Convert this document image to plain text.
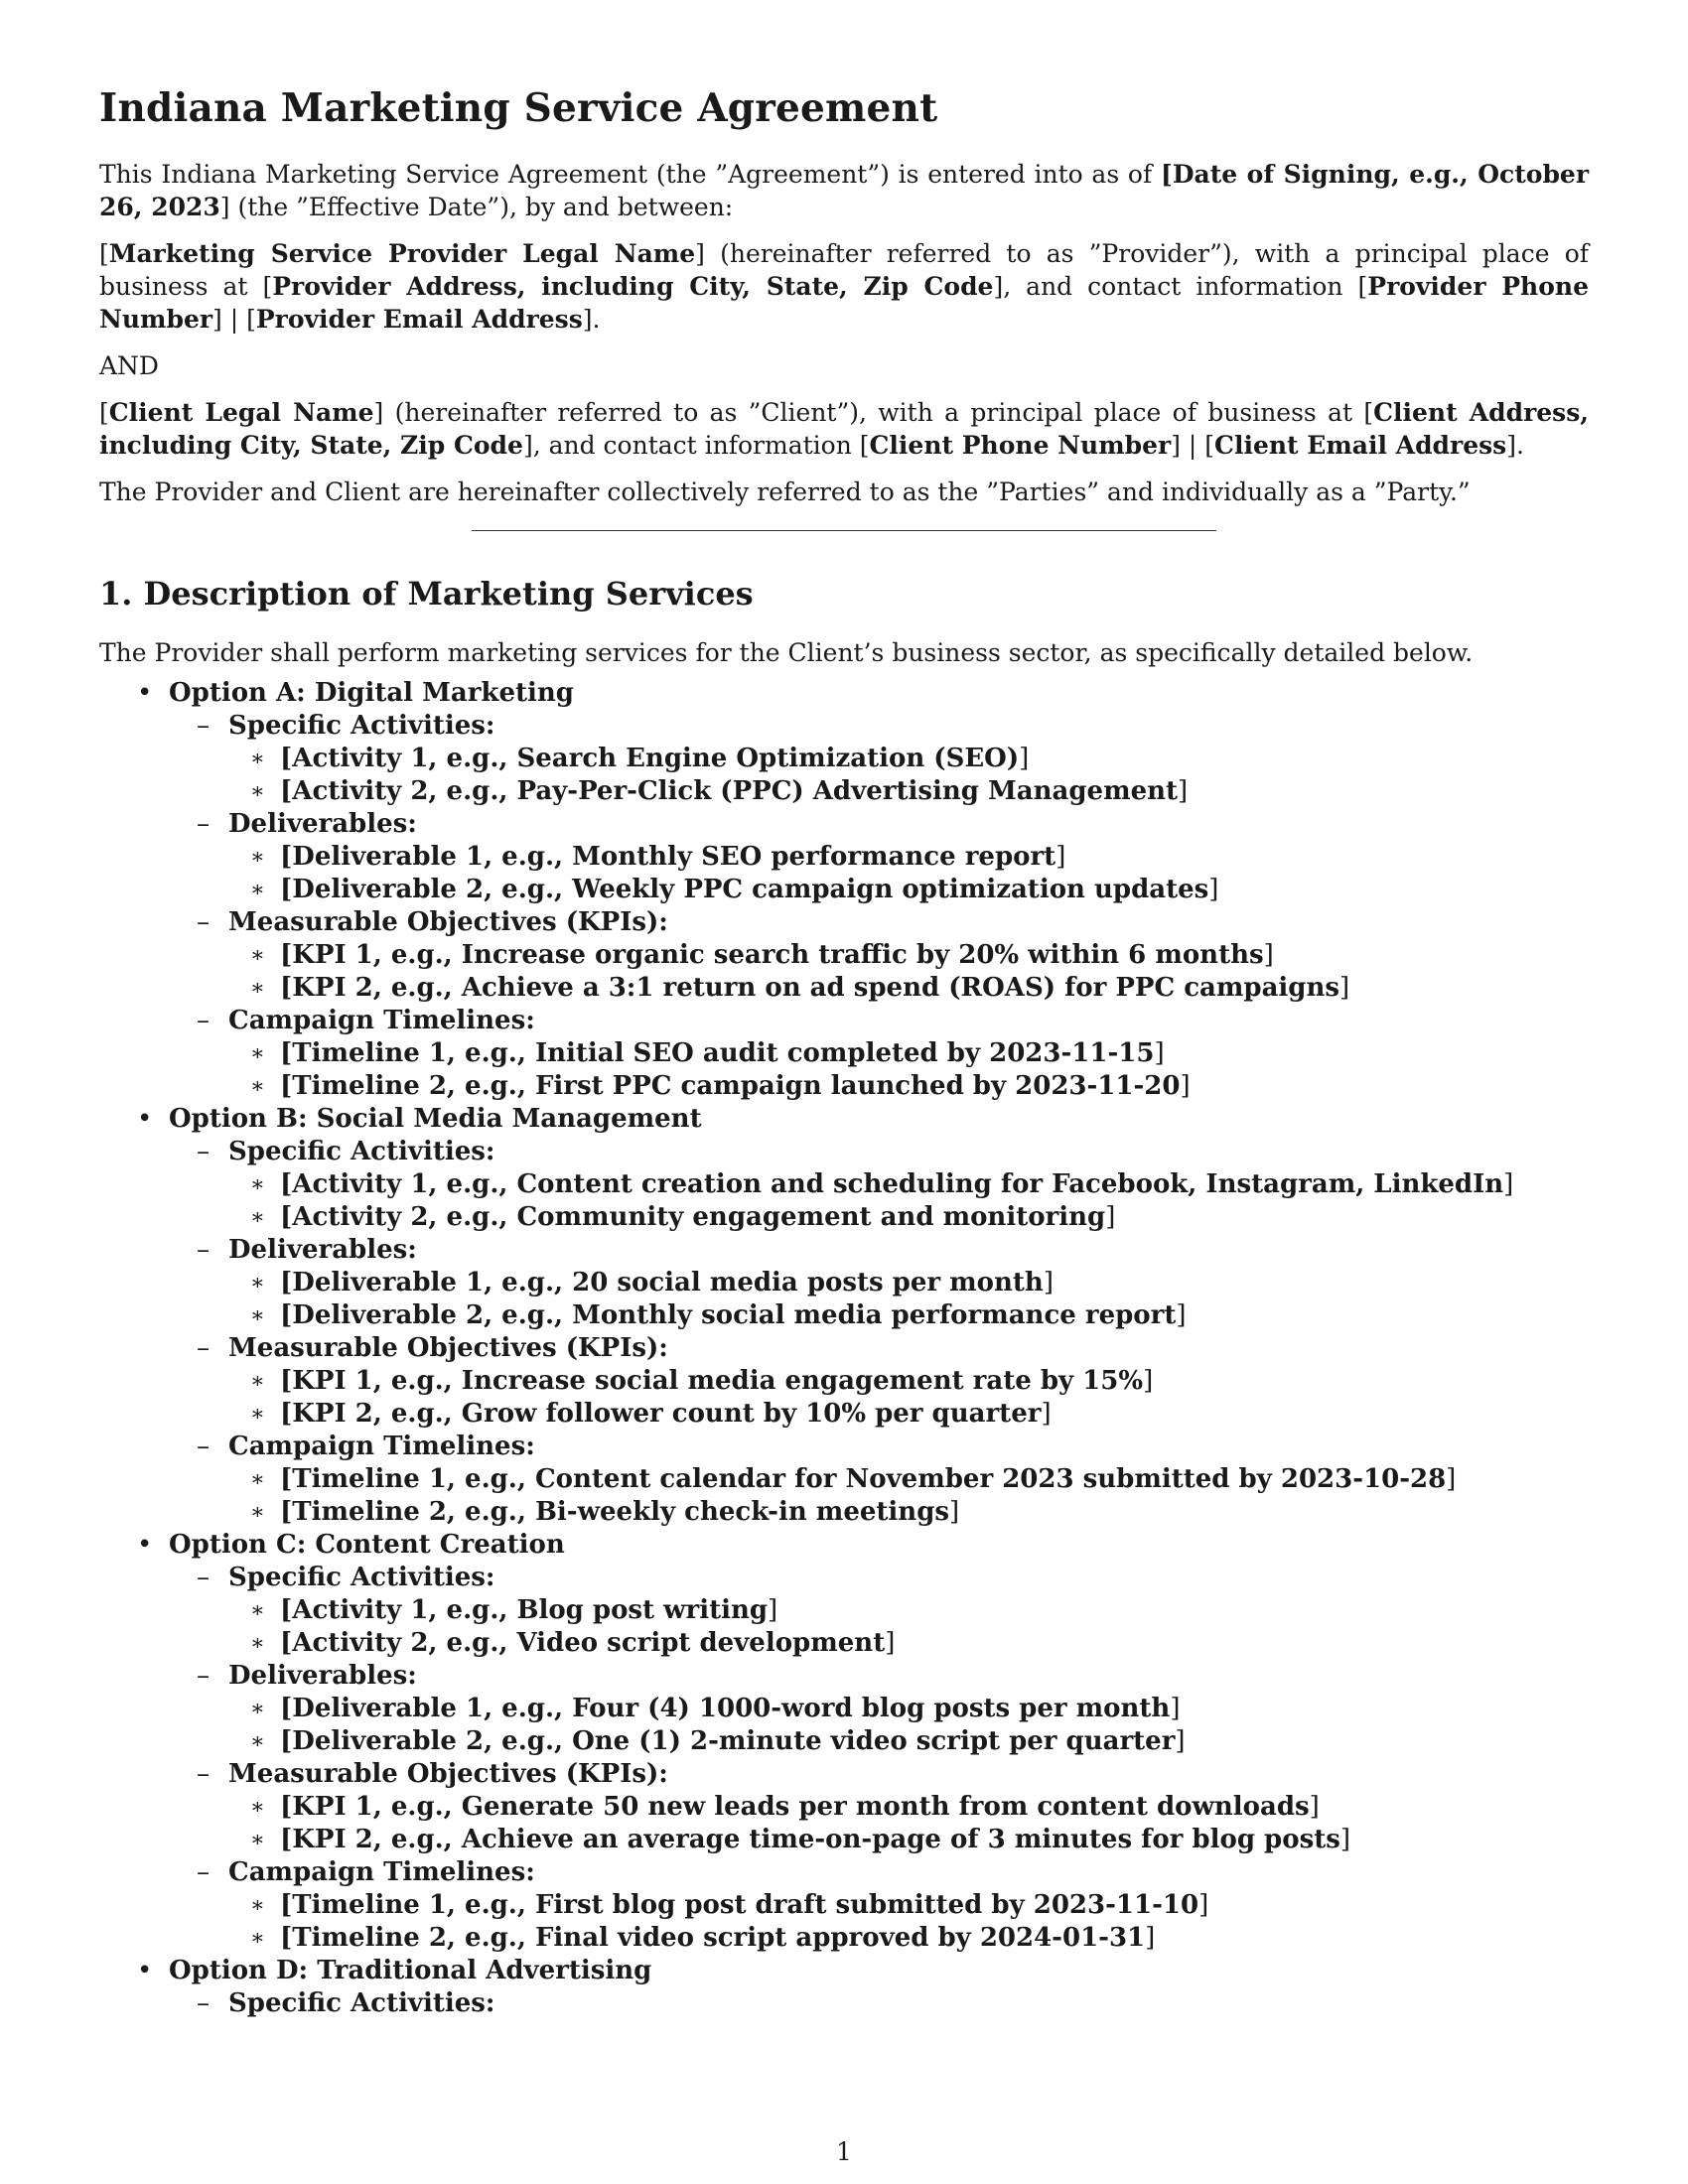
Indiana Marketing Service Agreement

This Indiana Marketing Service Agreement (the ”Agreement”) is entered into as of [Date of Signing, e.g., October 26, 2023] (the ”Effective Date”), by and between:

[Marketing Service Provider Legal Name] (hereinafter referred to as ”Provider”), with a principal place of business at [Provider Address, including City, State, Zip Code], and contact information [Provider Phone Number] | [Provider Email Address].

AND

[Client Legal Name] (hereinafter referred to as ”Client”), with a principal place of business at [Client Address, including City, State, Zip Code], and contact information [Client Phone Number] | [Client Email Address].

The Provider and Client are hereinafter collectively referred to as the ”Parties” and individually as a ”Party.”

1. Description of Marketing Services

The Provider shall perform marketing services for the Client’s business sector, as specifically detailed below.

• Option A: Digital Marketing
– Specific Activities:
∗ [Activity 1, e.g., Search Engine Optimization (SEO)]
∗ [Activity 2, e.g., Pay-Per-Click (PPC) Advertising Management]
– Deliverables:
∗ [Deliverable 1, e.g., Monthly SEO performance report]
∗ [Deliverable 2, e.g., Weekly PPC campaign optimization updates]
– Measurable Objectives (KPIs):
∗ [KPI 1, e.g., Increase organic search traffic by 20% within 6 months]
∗ [KPI 2, e.g., Achieve a 3:1 return on ad spend (ROAS) for PPC campaigns]
– Campaign Timelines:
∗ [Timeline 1, e.g., Initial SEO audit completed by 2023-11-15]
∗ [Timeline 2, e.g., First PPC campaign launched by 2023-11-20]
• Option B: Social Media Management
– Specific Activities:
∗ [Activity 1, e.g., Content creation and scheduling for Facebook, Instagram, LinkedIn]
∗ [Activity 2, e.g., Community engagement and monitoring]
– Deliverables:
∗ [Deliverable 1, e.g., 20 social media posts per month]
∗ [Deliverable 2, e.g., Monthly social media performance report]
– Measurable Objectives (KPIs):
∗ [KPI 1, e.g., Increase social media engagement rate by 15%]
∗ [KPI 2, e.g., Grow follower count by 10% per quarter]
– Campaign Timelines:
∗ [Timeline 1, e.g., Content calendar for November 2023 submitted by 2023-10-28]
∗ [Timeline 2, e.g., Bi-weekly check-in meetings]
• Option C: Content Creation
– Specific Activities:
∗ [Activity 1, e.g., Blog post writing]
∗ [Activity 2, e.g., Video script development]
– Deliverables:
∗ [Deliverable 1, e.g., Four (4) 1000-word blog posts per month]
∗ [Deliverable 2, e.g., One (1) 2-minute video script per quarter]
– Measurable Objectives (KPIs):
∗ [KPI 1, e.g., Generate 50 new leads per month from content downloads]
∗ [KPI 2, e.g., Achieve an average time-on-page of 3 minutes for blog posts]
– Campaign Timelines:
∗ [Timeline 1, e.g., First blog post draft submitted by 2023-11-10]
∗ [Timeline 2, e.g., Final video script approved by 2024-01-31]
• Option D: Traditional Advertising
– Specific Activities:
1
